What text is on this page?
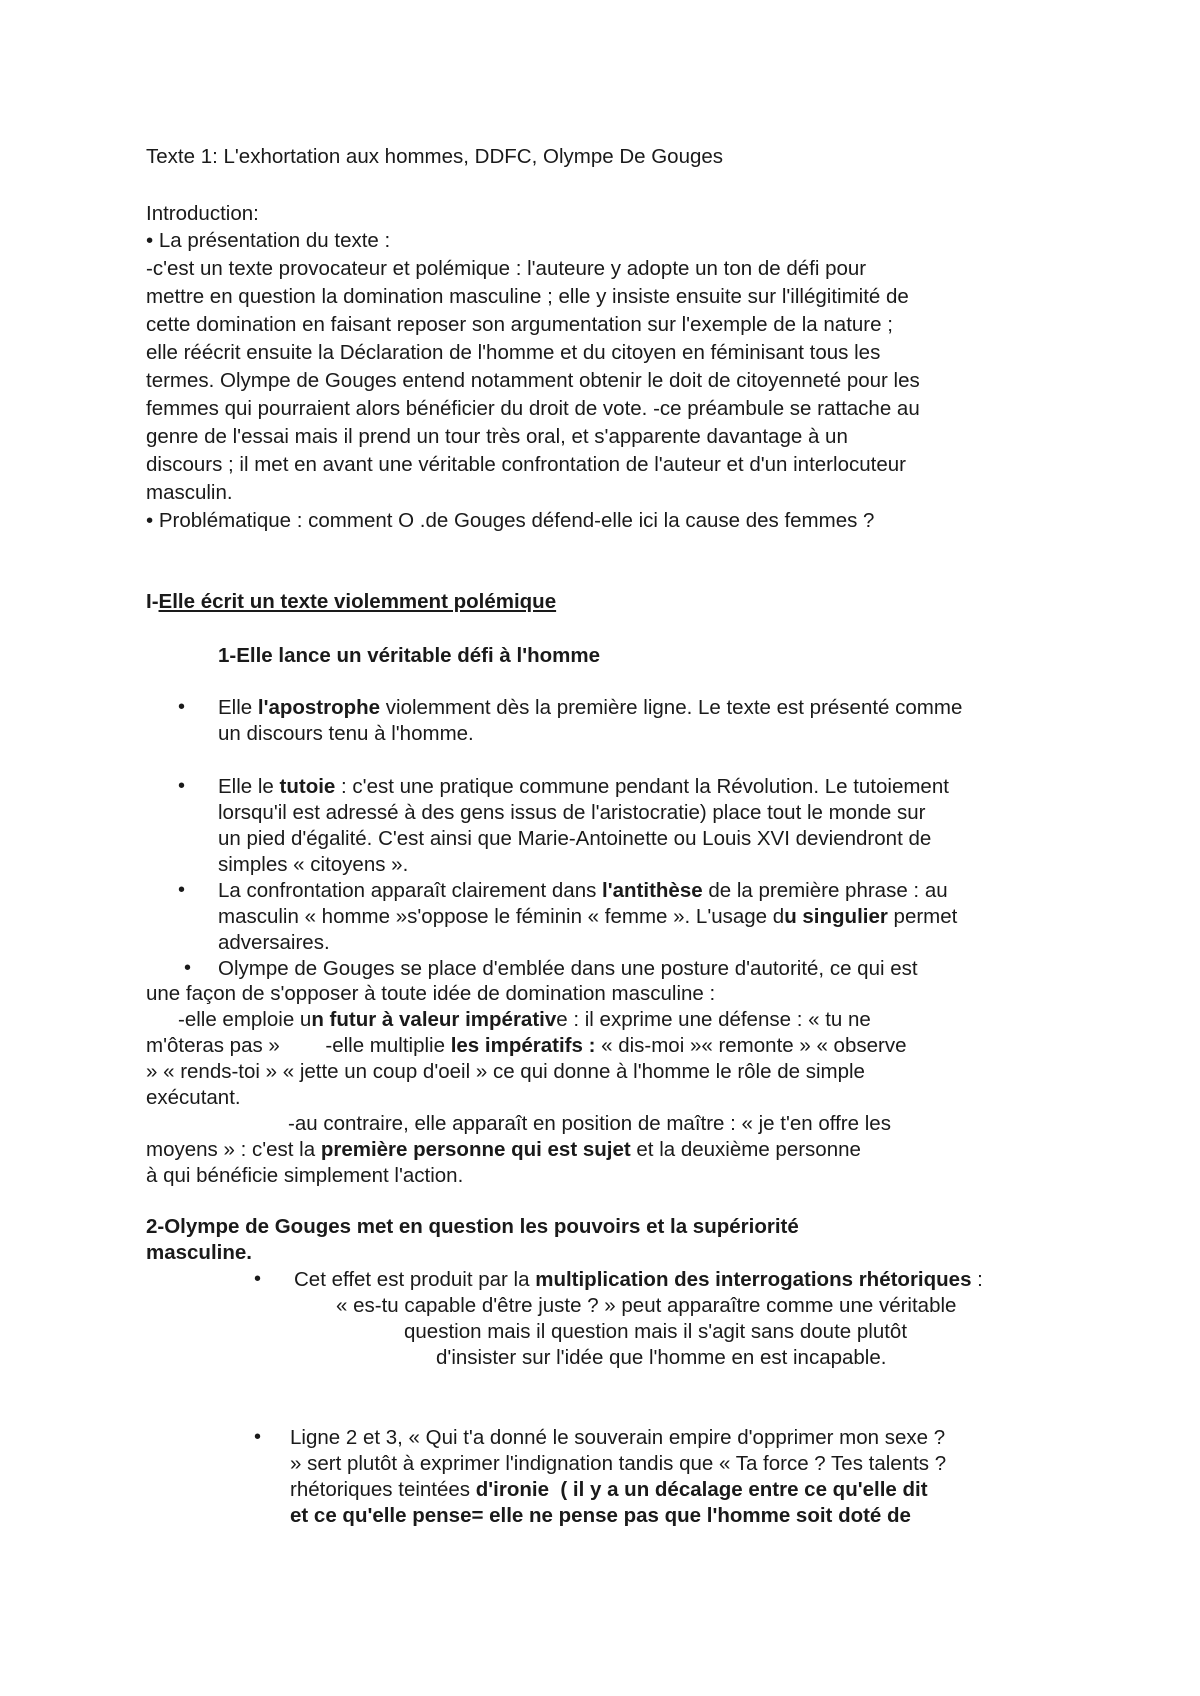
Texte 1: L'exhortation aux hommes, DDFC, Olympe De Gouges
Introduction:
• La présentation du texte :
-c'est un texte provocateur et polémique : l'auteure y adopte un ton de défi pour
mettre en question la domination masculine ; elle y insiste ensuite sur l'illégitimité de
cette domination en faisant reposer son argumentation sur l'exemple de la nature ;
elle réécrit ensuite la Déclaration de l'homme et du citoyen en féminisant tous les
termes. Olympe de Gouges entend notamment obtenir le doit de citoyenneté pour les
femmes qui pourraient alors bénéficier du droit de vote. -ce préambule se rattache au
genre de l'essai mais il prend un tour très oral, et s'apparente davantage à un
discours ; il met en avant une véritable confrontation de l'auteur et d'un interlocuteur
masculin.
• Problématique : comment O .de Gouges défend-elle ici la cause des femmes ?
I-Elle écrit un texte violemment polémique
1-Elle lance un véritable défi à l'homme
• Elle l'apostrophe violemment dès la première ligne. Le texte est présenté comme
un discours tenu à l'homme.
• Elle le tutoie : c'est une pratique commune pendant la Révolution. Le tutoiement
lorsqu'il est adressé à des gens issus de l'aristocratie) place tout le monde sur
un pied d'égalité. C'est ainsi que Marie-Antoinette ou Louis XVI deviendront de
simples « citoyens ».
• La confrontation apparaît clairement dans l'antithèse de la première phrase : au
masculin « homme »s'oppose le féminin « femme ». L'usage du singulier permet
adversaires.
• Olympe de Gouges se place d'emblée dans une posture d'autorité, ce qui est
une façon de s'opposer à toute idée de domination masculine :
-elle emploie un futur à valeur impérative : il exprime une défense : « tu ne
m'ôteras pas »        -elle multiplie les impératifs : « dis-moi »« remonte » « observe
» « rends-toi » « jette un coup d'oeil » ce qui donne à l'homme le rôle de simple
exécutant.
-au contraire, elle apparaît en position de maître : « je t'en offre les
moyens » : c'est la première personne qui est sujet et la deuxième personne
à qui bénéficie simplement l'action.
2-Olympe de Gouges met en question les pouvoirs et la supériorité
masculine.
• Cet effet est produit par la multiplication des interrogations rhétoriques :
« es-tu capable d'être juste ? » peut apparaître comme une véritable
question mais il question mais il s'agit sans doute plutôt
d'insister sur l'idée que l'homme en est incapable.
• Ligne 2 et 3, « Qui t'a donné le souverain empire d'opprimer mon sexe ?
» sert plutôt à exprimer l'indignation tandis que « Ta force ? Tes talents ?
rhétoriques teintées d'ironie  ( il y a un décalage entre ce qu'elle dit
et ce qu'elle pense= elle ne pense pas que l'homme soit doté de
